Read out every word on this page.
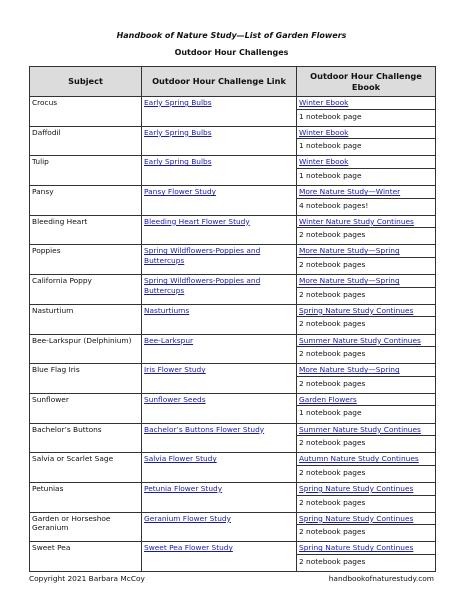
Handbook of Nature Study—List of Garden Flowers
Outdoor Hour Challenges
Subject	Outdoor Hour Challenge Link	Outdoor Hour Challenge Ebook
Crocus	Early Spring Bulbs	Winter Ebook
1 notebook page

Daffodil	Early Spring Bulbs	Winter Ebook
1 notebook page

Tulip	Early Spring Bulbs	Winter Ebook
1 notebook page

Pansy	Pansy Flower Study	More Nature Study—Winter
4 notebook pages!

Bleeding Heart	Bleeding Heart Flower Study	Winter Nature Study Continues
2 notebook pages

Poppies	Spring Wildflowers-Poppies and Buttercups	More Nature Study—Spring
2 notebook pages

California Poppy	Spring Wildflowers-Poppies and Buttercups	More Nature Study—Spring
2 notebook pages

Nasturtium	Nasturtiums	Spring Nature Study Continues
2 notebook pages

Bee-Larkspur (Delphinium)	Bee-Larkspur	Summer Nature Study Continues
2 notebook pages

Blue Flag Iris	Iris Flower Study	More Nature Study—Spring
2 notebook pages

Sunflower	Sunflower Seeds	Garden Flowers
1 notebook page

Bachelor’s Buttons	Bachelor’s Buttons Flower Study	Summer Nature Study Continues
2 notebook pages

Salvia or Scarlet Sage	Salvia Flower Study	Autumn Nature Study Continues
2 notebook pages

Petunias	Petunia Flower Study	Spring Nature Study Continues
2 notebook pages

Garden or Horseshoe Geranium	Geranium Flower Study	Spring Nature Study Continues
2 notebook pages

Sweet Pea	Sweet Pea Flower Study	Spring Nature Study Continues
2 notebook pages
Copyright 2021 Barbara McCoy	handbookofnaturestudy.com
